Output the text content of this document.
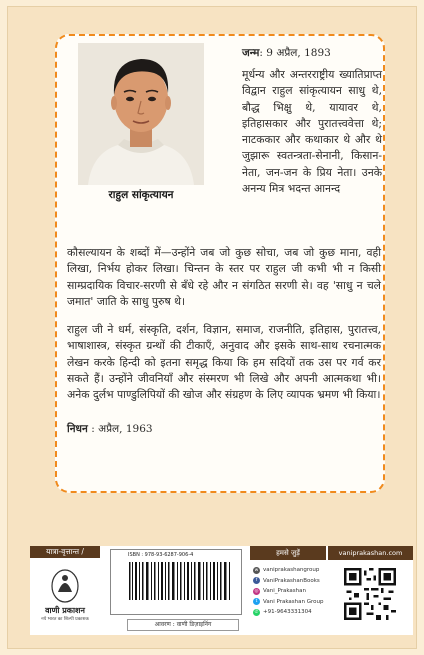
राहुल सांकृत्यायन
जन्म: 9 अप्रैल, 1893
मूर्धन्य और अन्तरराष्ट्रीय ख्यातिप्राप्त विद्वान राहुल सांकृत्यायन साधु थे, बौद्ध भिक्षु थे, यायावर थे, इतिहासकार और पुरातत्त्ववेत्ता थे; नाटककार और कथाकार थे और थे जुझारू स्वतन्त्रता-सेनानी, किसान-नेता, जन-जन के प्रिय नेता। उनके अनन्य मित्र भदन्त आनन्द
कौसल्यायन के शब्दों में—उन्होंने जब जो कुछ सोचा, जब जो कुछ माना, वही लिखा, निर्भय होकर लिखा। चिन्तन के स्तर पर राहुल जी कभी भी न किसी साम्प्रदायिक विचार-सरणी से बँधे रहे और न संगठित सरणी से। वह 'साधु न चले जमात' जाति के साधु पुरुष थे।
राहुल जी ने धर्म, संस्कृति, दर्शन, विज्ञान, समाज, राजनीति, इतिहास, पुरातत्त्व, भाषाशास्त्र, संस्कृत ग्रन्थों की टीकाएँ, अनुवाद और इसके साथ-साथ रचनात्मक लेखन करके हिन्दी को इतना समृद्ध किया कि हम सदियों तक उस पर गर्व कर सकते हैं। उन्होंने जीवनियाँ और संस्मरण भी लिखे और अपनी आत्मकथा भी। अनेक दुर्लभ पाण्डुलिपियों की खोज और संग्रहण के लिए व्यापक भ्रमण भी किया।
निधन : अप्रैल, 1963
यात्रा-वृत्तान्त / Travelogue
वाणी प्रकाशन
नये भारत का शिल्पी प्रकाशक
ISBN : 978-93-6287-906-4
आवरण : वाणी डिज़ाइनिंग
हमसे जुड़ें	vaniprakashan.com
w vaniprakashangroup
f	VaniPrakashanBooks
◎ Vani_Prakashan
t	Vani Prakashan Group
✆ +91-9643331304
